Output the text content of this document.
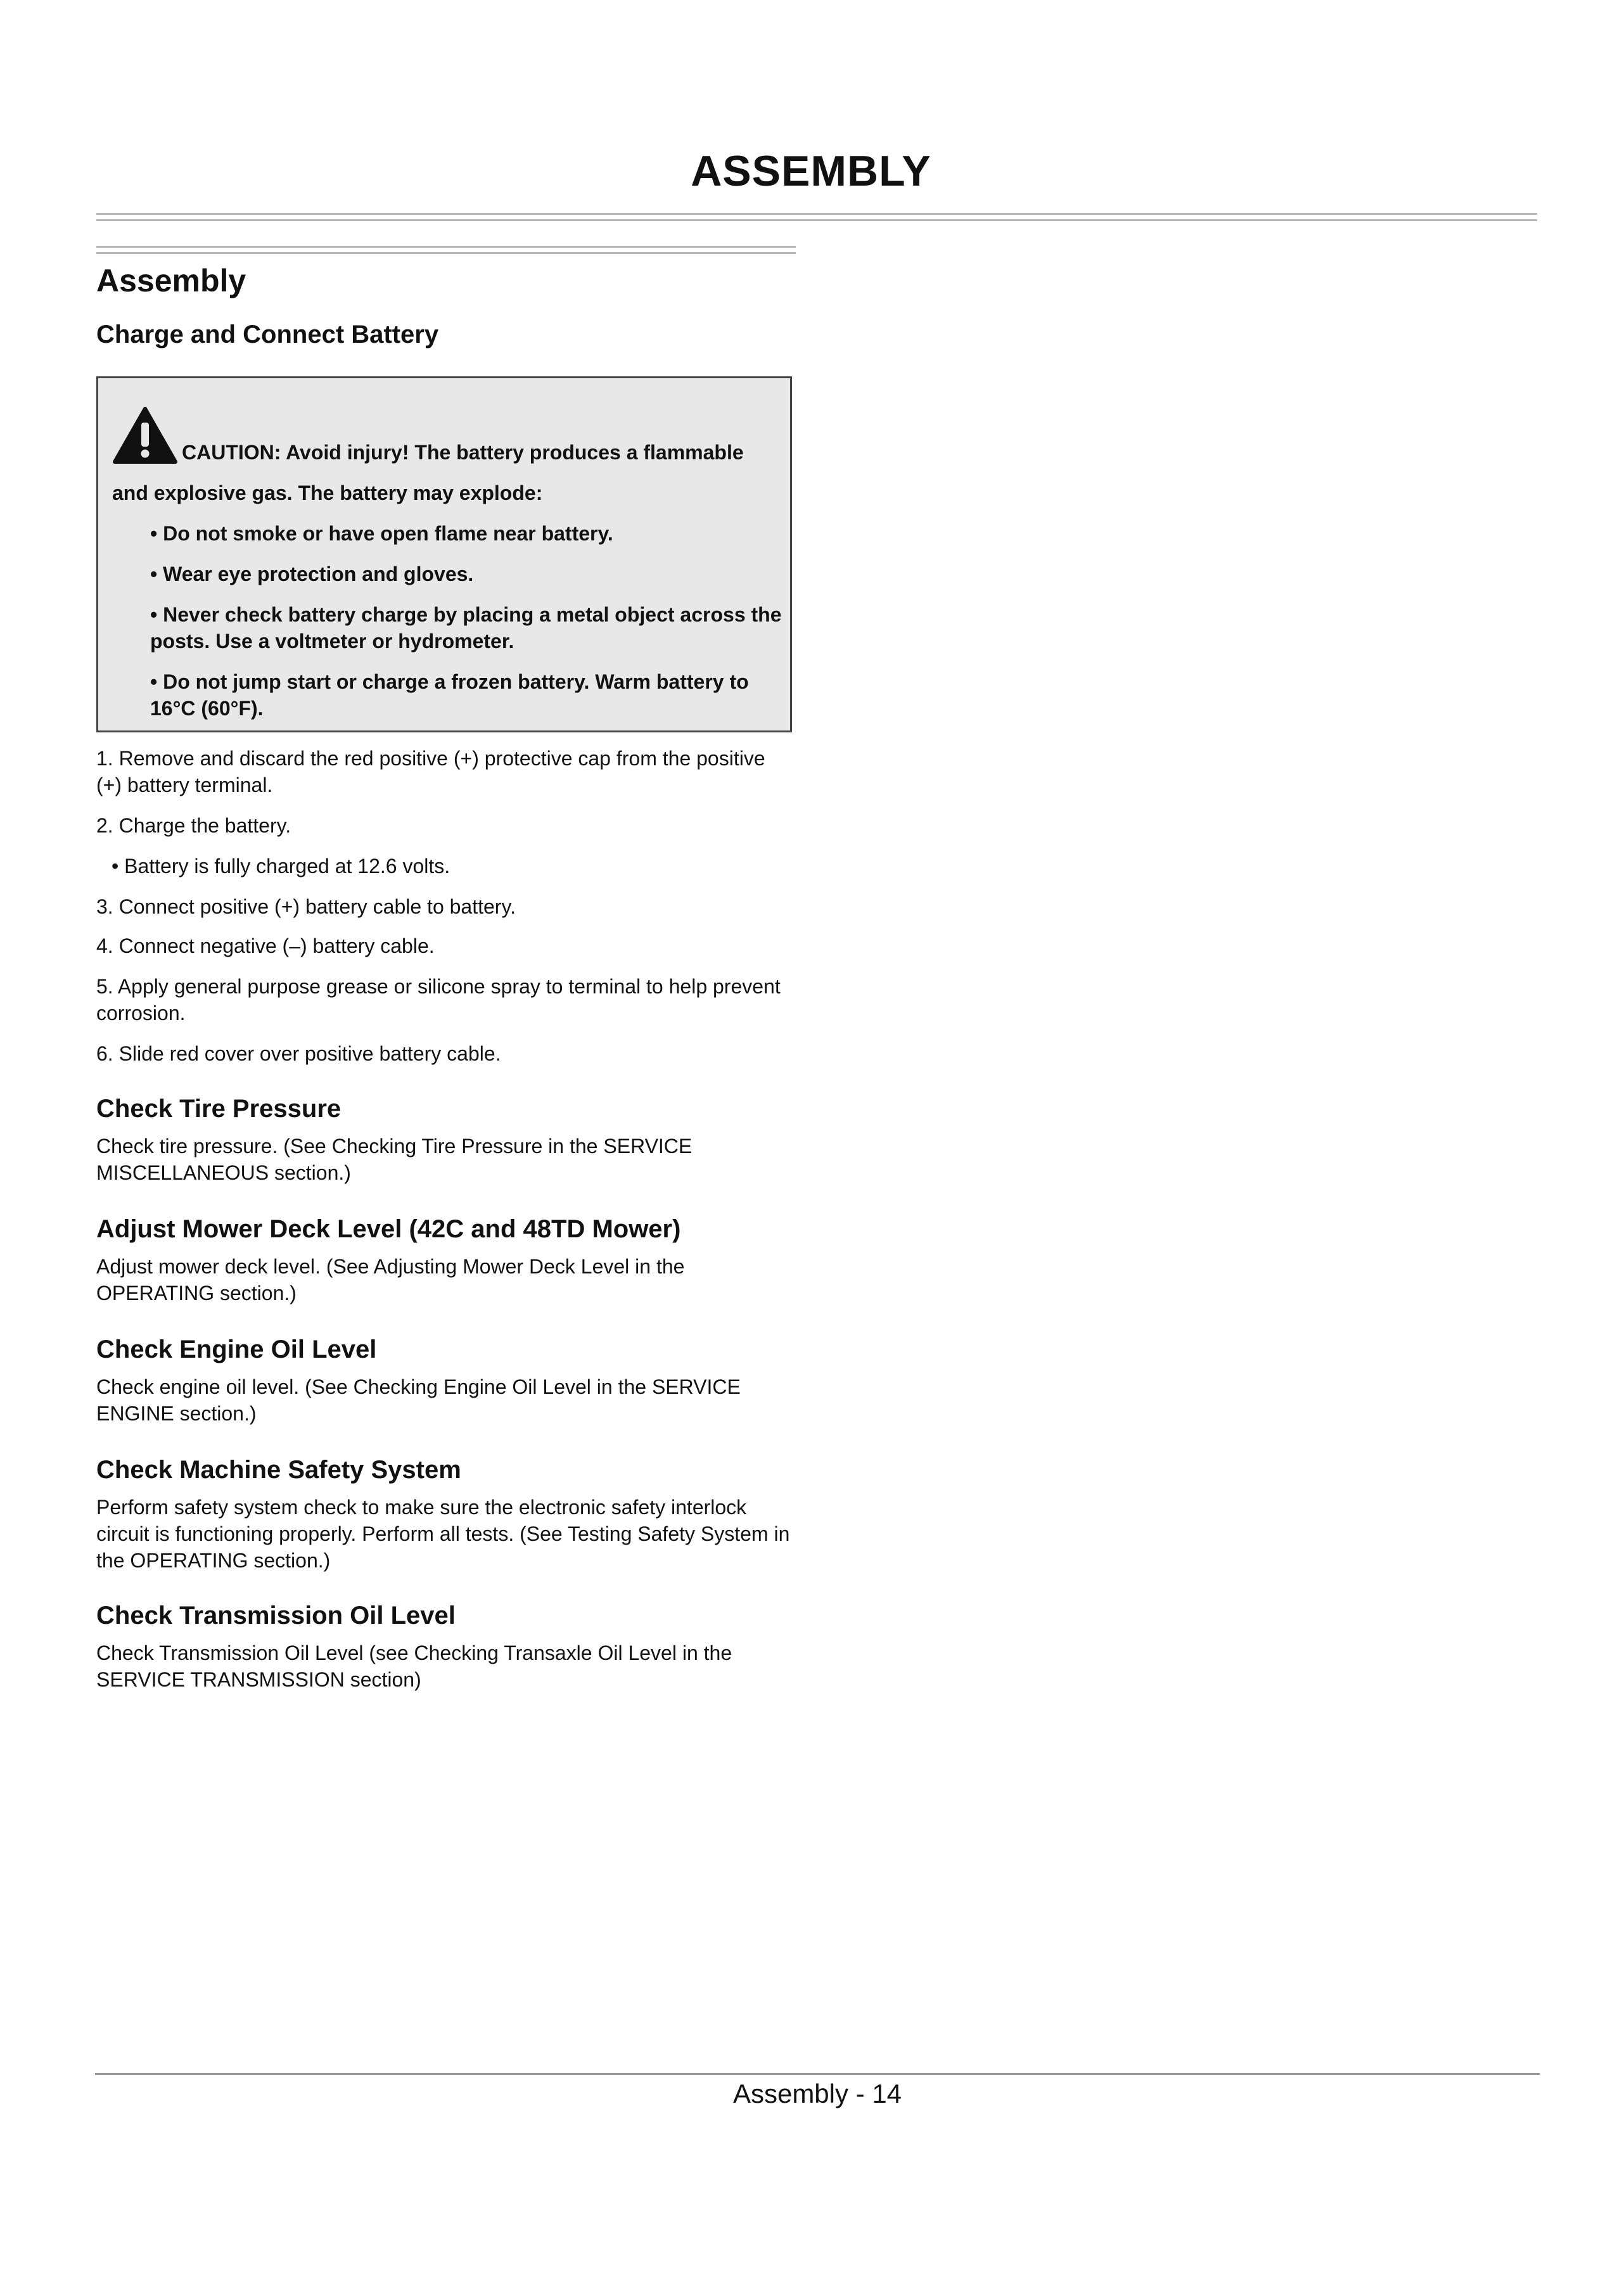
ASSEMBLY
Assembly
Charge and Connect Battery
CAUTION: Avoid injury! The battery produces a flammable
and explosive gas. The battery may explode:
• Do not smoke or have open flame near battery.
• Wear eye protection and gloves.
• Never check battery charge by placing a metal object across the posts. Use a voltmeter or hydrometer.
• Do not jump start or charge a frozen battery. Warm battery to 16°C (60°F).
1. Remove and discard the red positive (+) protective cap from the positive (+) battery terminal.
2. Charge the battery.
• Battery is fully charged at 12.6 volts.
3. Connect positive (+) battery cable to battery.
4. Connect negative (–) battery cable.
5. Apply general purpose grease or silicone spray to terminal to help prevent corrosion.
6. Slide red cover over positive battery cable.
Check Tire Pressure
Check tire pressure. (See Checking Tire Pressure in the SERVICE MISCELLANEOUS section.)
Adjust Mower Deck Level (42C and 48TD Mower)
Adjust mower deck level. (See Adjusting Mower Deck Level in the OPERATING section.)
Check Engine Oil Level
Check engine oil level. (See Checking Engine Oil Level in the SERVICE ENGINE section.)
Check Machine Safety System
Perform safety system check to make sure the electronic safety interlock circuit is functioning properly. Perform all tests. (See Testing Safety System in the OPERATING section.)
Check Transmission Oil Level
Check Transmission Oil Level (see Checking Transaxle Oil Level in the SERVICE TRANSMISSION section)
Assembly - 14
